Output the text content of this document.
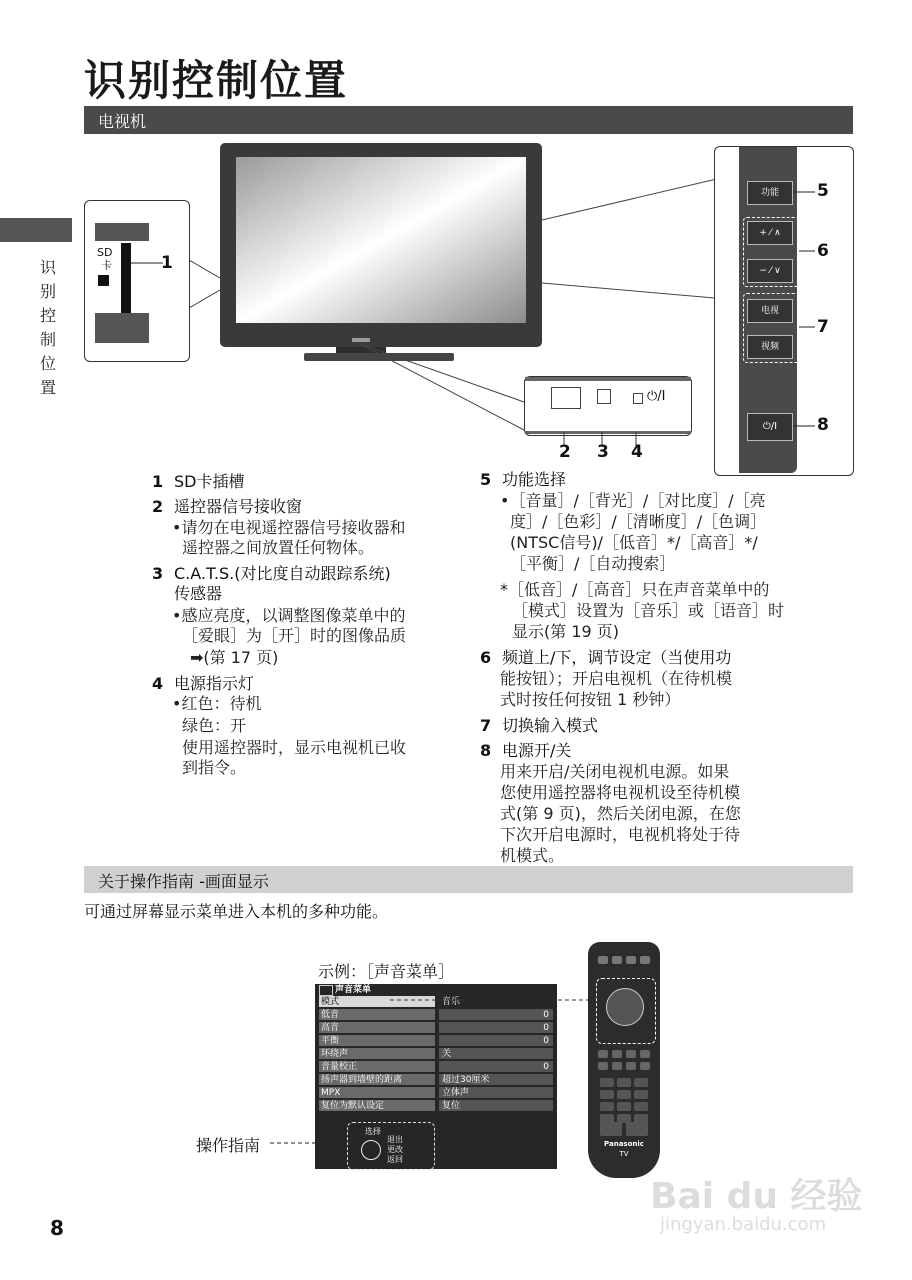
识别控制位置
电视机
识
别
控
制
位
置
SD
卡	1
⏻/I
2 3 4
功能
+ ⁄ ∧
− ⁄ ∨
电视
视频
⏻/I
5
6
7
8
1 SD卡插槽
2 遥控器信号接收窗
•请勿在电视遥控器信号接收器和
遥控器之间放置任何物体。
3 C.A.T.S.(对比度自动跟踪系统)
传感器
•感应亮度，以调整图像菜单中的
［爱眼］为［开］时的图像品质
➡(第 17 页)
4 电源指示灯
•红色：待机
绿色：开
使用遥控器时，显示电视机已收
到指令。
5 功能选择
•［音量］/［背光］/［对比度］/［亮
度］/［色彩］/［清晰度］/［色调］
(NTSC信号)/［低音］*/［高音］*/
［平衡］/［自动搜索］
*［低音］/［高音］只在声音菜单中的
［模式］设置为［音乐］或［语音］时
显示(第 19 页)
6 频道上/下，调节设定（当使用功
能按钮）；开启电视机（在待机模
式时按任何按钮 1 秒钟）
7 切换输入模式
8 电源开/关
用来开启/关闭电视机电源。如果
您使用遥控器将电视机设至待机模
式(第 9 页)，然后关闭电源，在您
下次开启电源时，电视机将处于待
机模式。
关于操作指南 -画面显示
可通过屏幕显示菜单进入本机的多种功能。
示例：［声音菜单］
操作指南
声音菜单
模式	音乐
低音	0
高音	0
平衡	0
环绕声	关
音量校正	0
扬声器到墙壁的距离	超过30厘米
MPX	立体声
复位为默认设定	复位
选择
退出
更改
返回
Panasonic
TV
8
Bai du 经验
jingyan.baidu.com
